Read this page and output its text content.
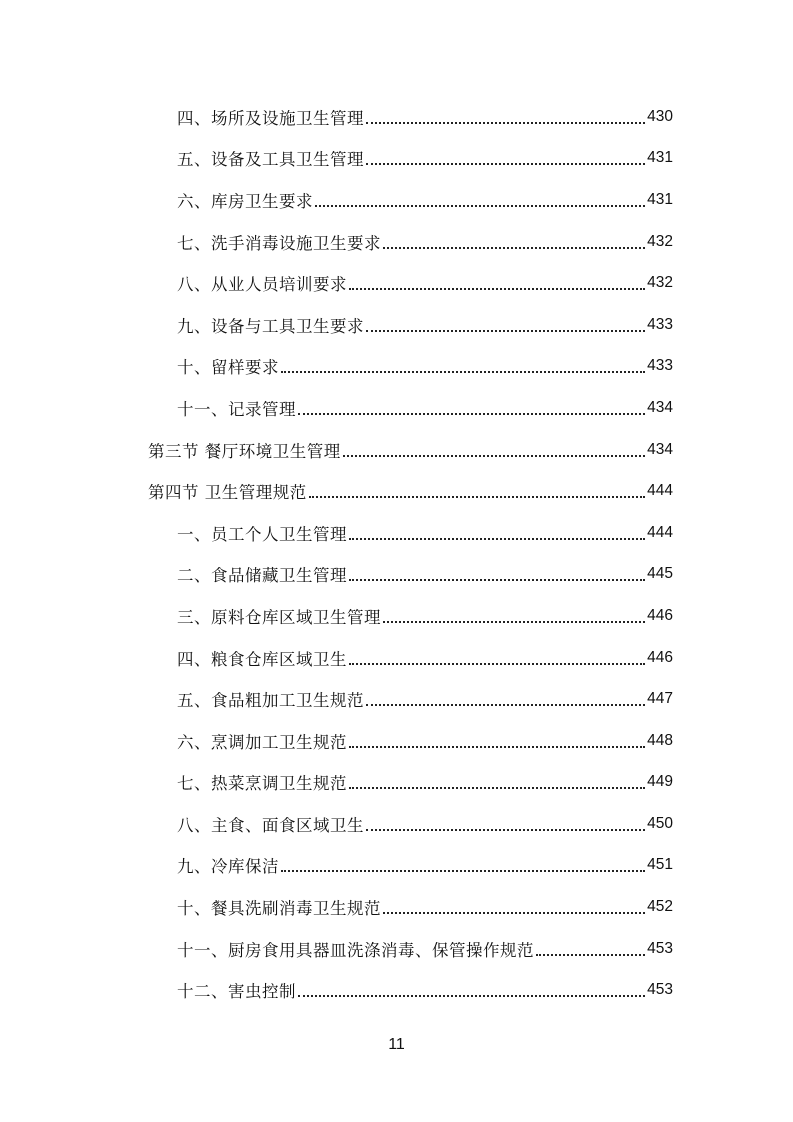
四、场所及设施卫生管理	430
五、设备及工具卫生管理	431
六、库房卫生要求	431
七、洗手消毒设施卫生要求	432
八、从业人员培训要求	432
九、设备与工具卫生要求	433
十、留样要求	433
十一、记录管理	434
第三节 餐厅环境卫生管理	434
第四节 卫生管理规范	444
一、员工个人卫生管理	444
二、食品储藏卫生管理	445
三、原料仓库区域卫生管理	446
四、粮食仓库区域卫生	446
五、食品粗加工卫生规范	447
六、烹调加工卫生规范	448
七、热菜烹调卫生规范	449
八、主食、面食区域卫生	450
九、冷库保洁	451
十、餐具洗刷消毒卫生规范	452
十一、厨房食用具器皿洗涤消毒、保管操作规范	453
十二、害虫控制	453
11
